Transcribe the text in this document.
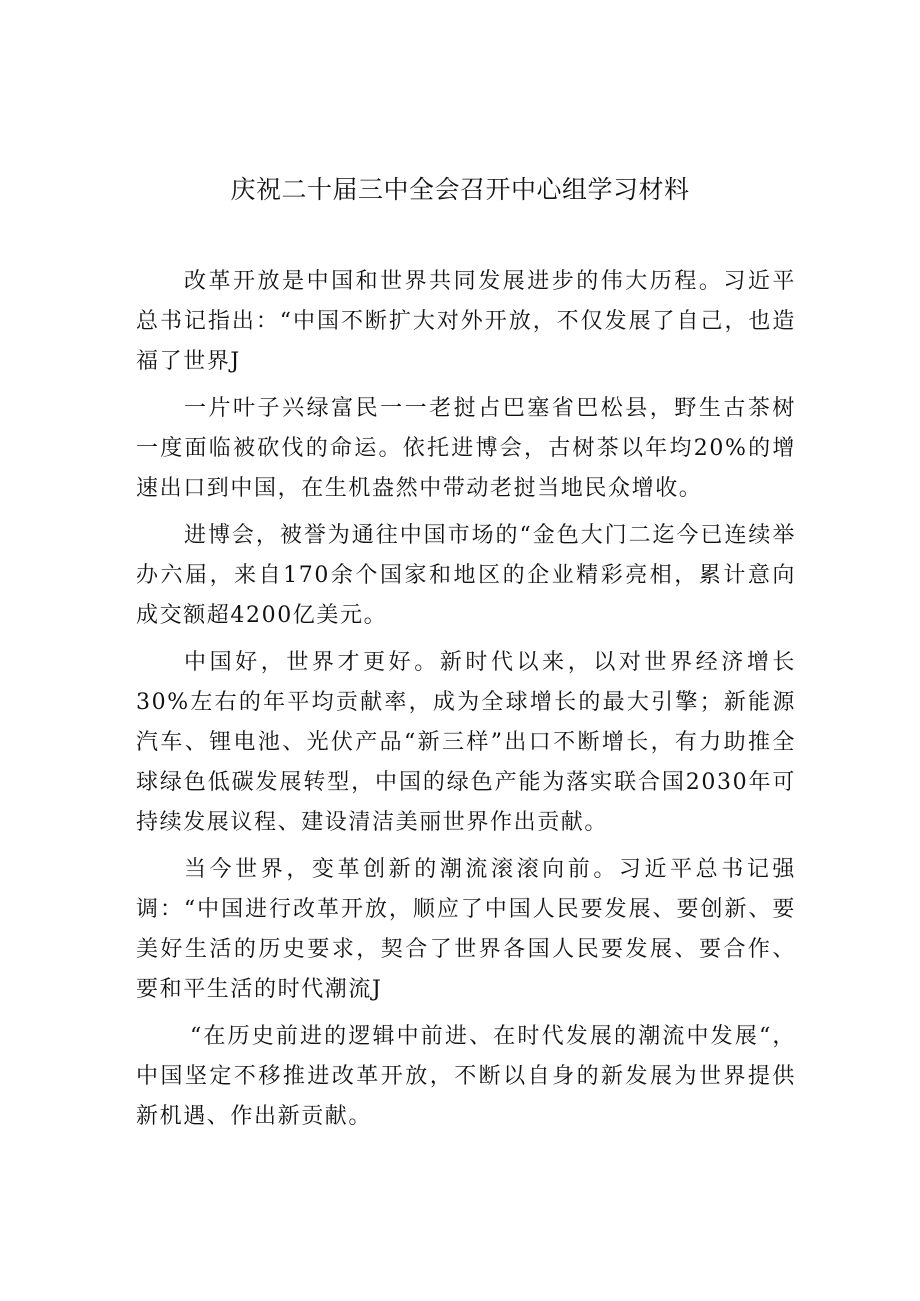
庆祝二十届三中全会召开中心组学习材料

改革开放是中国和世界共同发展进步的伟大历程。习近平总书记指出：“中国不断扩大对外开放，不仅发展了自己，也造福了世界J

一片叶子兴绿富民一一老挝占巴塞省巴松县，野生古茶树一度面临被砍伐的命运。依托进博会，古树茶以年均20%的增速出口到中国，在生机盎然中带动老挝当地民众增收。

进博会，被誉为通往中国市场的“金色大门二迄今已连续举办六届，来自170余个国家和地区的企业精彩亮相，累计意向成交额超4200亿美元。

中国好，世界才更好。新时代以来，以对世界经济增长30%左右的年平均贡献率，成为全球增长的最大引擎；新能源汽车、锂电池、光伏产品“新三样”出口不断增长，有力助推全球绿色低碳发展转型，中国的绿色产能为落实联合国2030年可持续发展议程、建设清洁美丽世界作出贡献。

当今世界，变革创新的潮流滚滚向前。习近平总书记强调：“中国进行改革开放，顺应了中国人民要发展、要创新、要美好生活的历史要求，契合了世界各国人民要发展、要合作、要和平生活的时代潮流J

“在历史前进的逻辑中前进、在时代发展的潮流中发展“，中国坚定不移推进改革开放，不断以自身的新发展为世界提供新机遇、作出新贡献。
